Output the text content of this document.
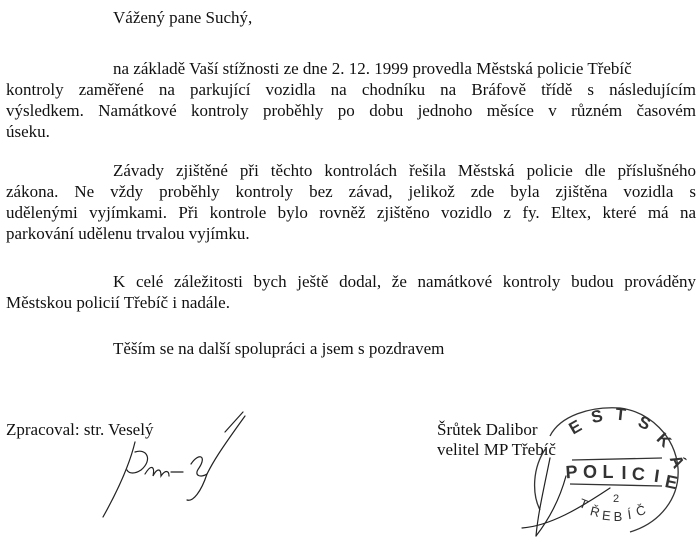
Vážený pane Suchý,
na základě Vaší stížnosti ze dne 2. 12. 1999 provedla Městská policie Třebíč
kontroly zaměřené na parkující vozidla na chodníku na Bráfově třídě s následujícím
výsledkem. Namátkové kontroly proběhly po dobu jednoho měsíce v různém časovém
úseku.
Závady zjištěné při těchto kontrolách řešila Městská policie dle příslušného
zákona. Ne vždy proběhly kontroly bez závad, jelikož zde byla zjištěna vozidla s
udělenými vyjímkami. Při kontrole bylo rovněž zjištěno vozidlo z fy. Eltex, které má na
parkování udělenu trvalou vyjímku.
K celé záležitosti bych ještě dodal, že namátkové kontroly budou prováděny
Městskou policií Třebíč i nadále.
Těším se na další spolupráci a jsem s pozdravem
Zpracoval: str. Veselý	Šrůtek Dalibor
velitel MP Třebíč
E S T S
K
Á
P O L I C I E
2
T
Ř E B Í Č
